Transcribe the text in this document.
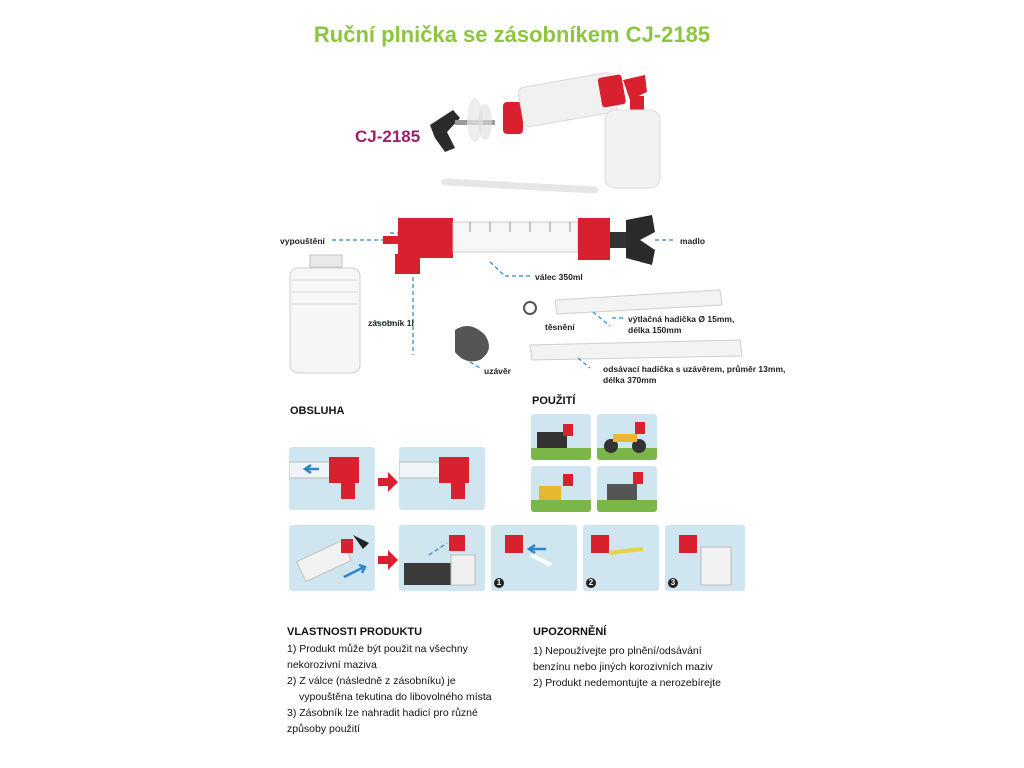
Ruční plnička se zásobníkem CJ-2185
CJ-2185
vypouštění	madlo
válec 350ml
zásobník 1l	těsnění
výtlačná hadička Ø 15mm,
délka 150mm
uzávěr	odsávací hadička s uzávěrem, průměr 13mm,
délka 370mm
OBSLUHA
1	2	3
POUŽITÍ
VLASTNOSTI PRODUKTU
1) Produkt může být použit na všechny
nekorozivní maziva
2) Z válce (následně z zásobníku) je
vypouštěna tekutina do libovolného místa
3) Zásobník lze nahradit hadicí pro různé
způsoby použití
UPOZORNĚNÍ
1) Nepoužívejte pro plnění/odsávání
benzínu nebo jiných korozivních maziv
2) Produkt nedemontujte a nerozebírejte
